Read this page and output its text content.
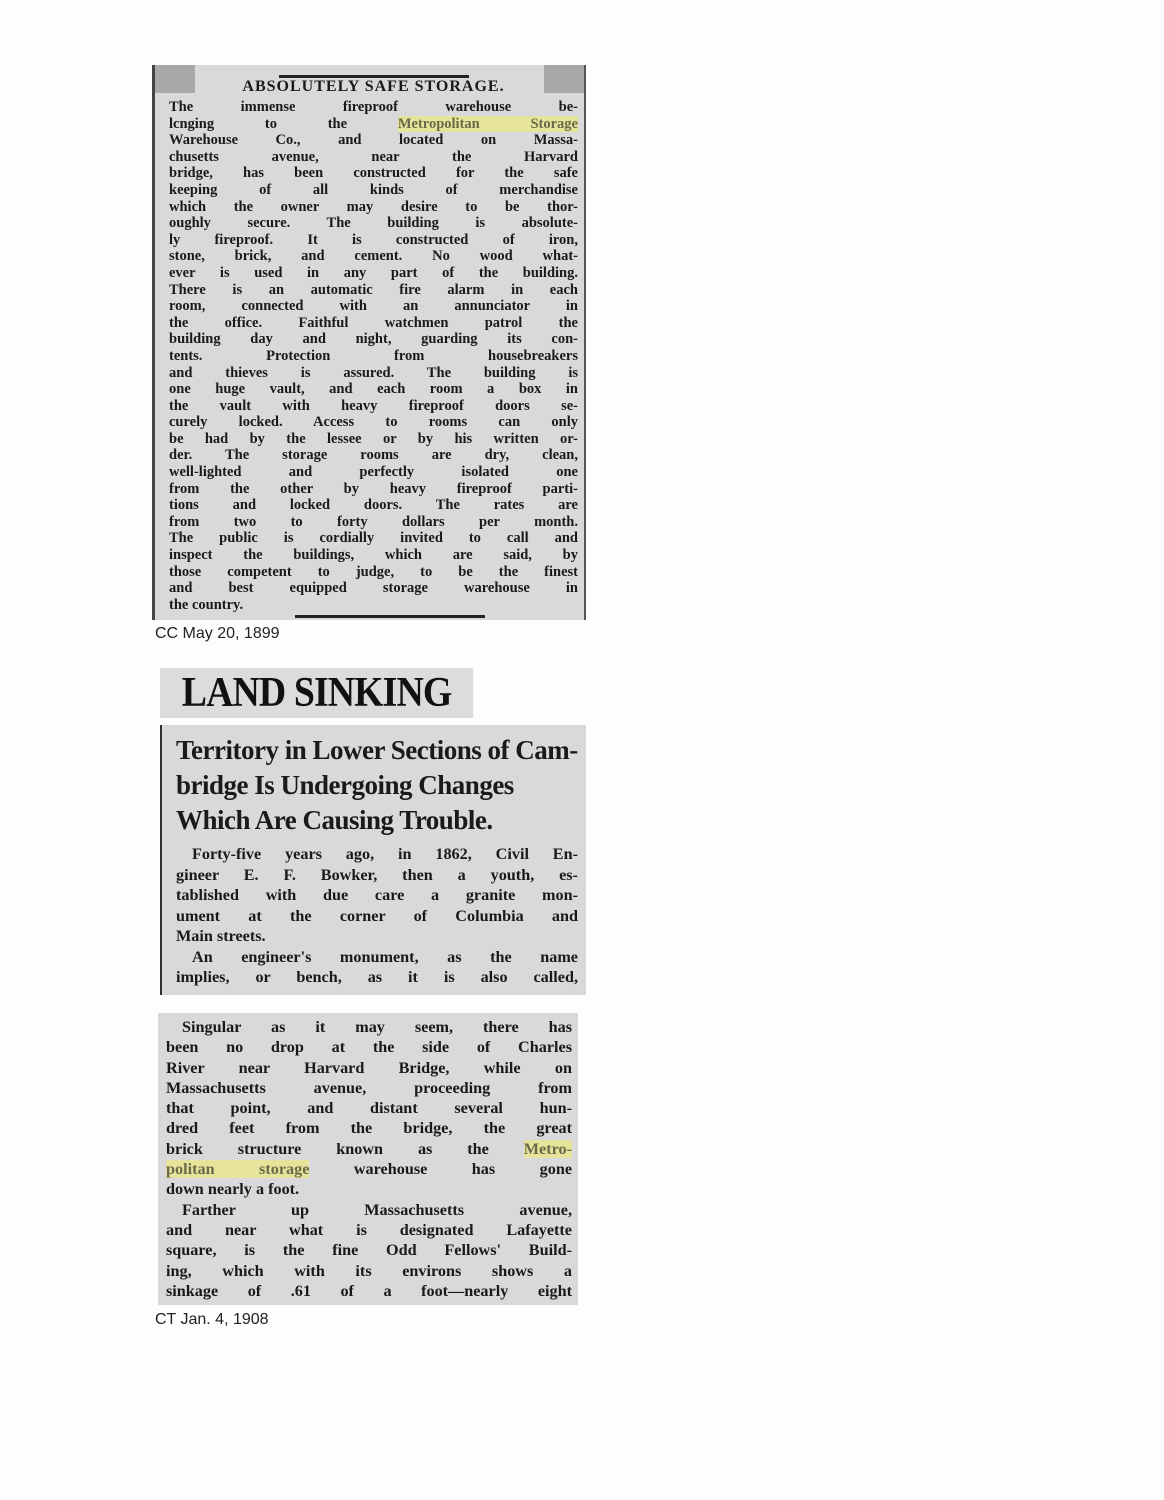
ABSOLUTELY SAFE STORAGE.
The immense fireproof warehouse be-
lcnging to the Metropolitan Storage
Warehouse Co., and located on Massa-
chusetts avenue, near the Harvard
bridge, has been constructed for the safe
keeping of all kinds of merchandise
which the owner may desire to be thor-
oughly secure. The building is absolute-
ly fireproof. It is constructed of iron,
stone, brick, and cement. No wood what-
ever is used in any part of the building.
There is an automatic fire alarm in each
room, connected with an annunciator in
the office. Faithful watchmen patrol the
building day and night, guarding its con-
tents. Protection from housebreakers
and thieves is assured. The building is
one huge vault, and each room a box in
the vault with heavy fireproof doors se-
curely locked. Access to rooms can only
be had by the lessee or by his written or-
der. The storage rooms are dry, clean,
well-lighted and perfectly isolated one
from the other by heavy fireproof parti-
tions and locked doors. The rates are
from two to forty dollars per month.
The public is cordially invited to call and
inspect the buildings, which are said, by
those competent to judge, to be the finest
and best equipped storage warehouse in
the country.
CC May 20, 1899
LAND SINKING
Territory in Lower Sections of Cam- bridge Is Undergoing Changes Which Are Causing Trouble.
Forty-five years ago, in 1862, Civil En-
gineer E. F. Bowker, then a youth, es-
tablished with due care a granite mon-
ument at the corner of Columbia and
Main streets.
An engineer's monument, as the name
implies, or bench, as it is also called,
Singular as it may seem, there has
been no drop at the side of Charles
River near Harvard Bridge, while on
Massachusetts avenue, proceeding from
that point, and distant several hun-
dred feet from the bridge, the great
brick structure known as the Metro-
politan storage	warehouse has gone
down nearly a foot.
Farther up Massachusetts avenue,
and near what is designated Lafayette
square, is the fine Odd Fellows' Build-
ing, which with its environs shows a
sinkage of .61 of a foot—nearly eight
CT Jan. 4, 1908
